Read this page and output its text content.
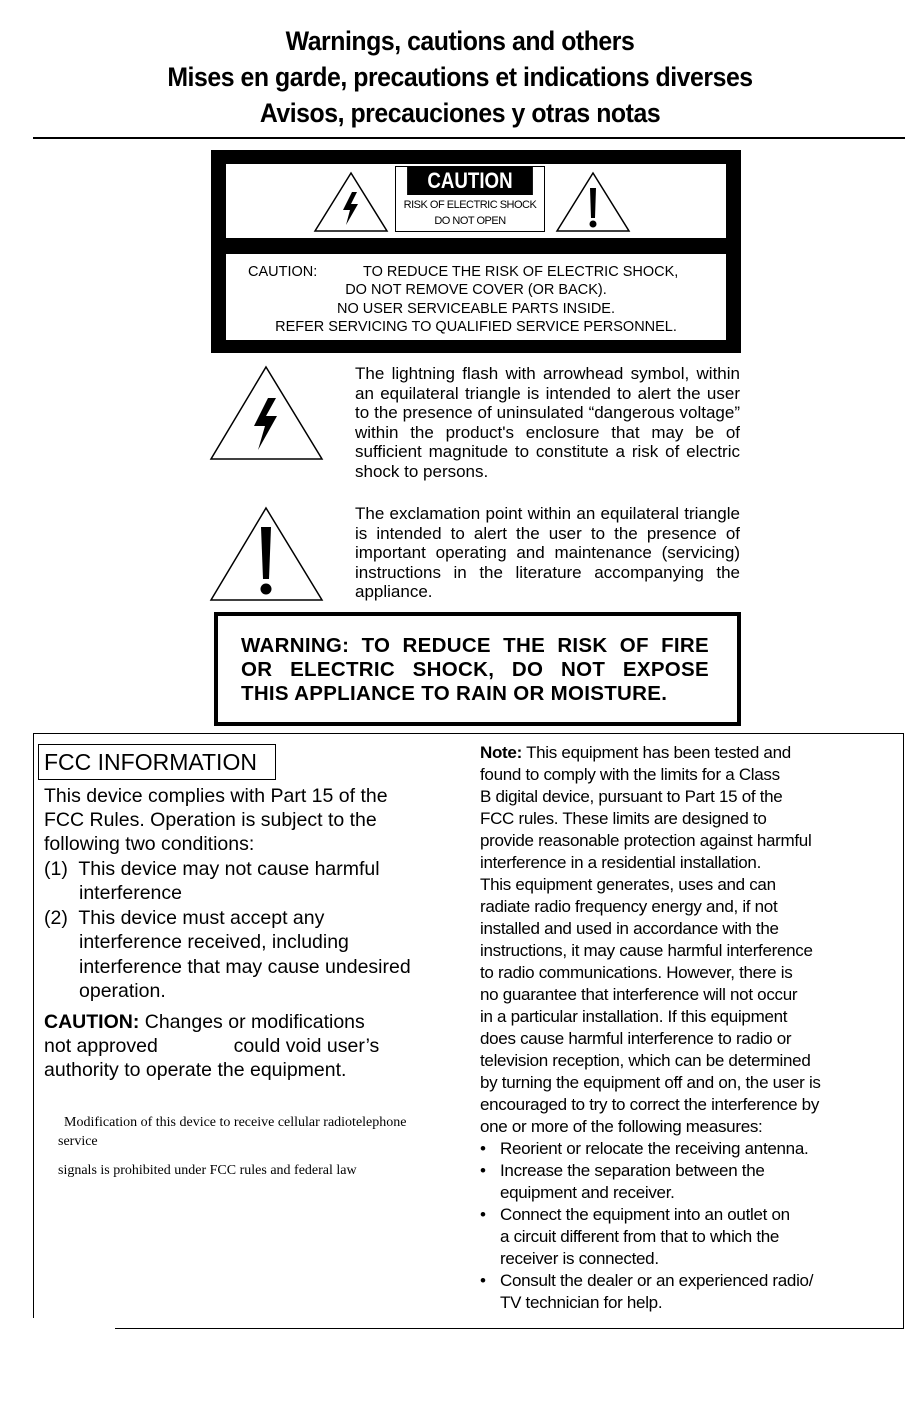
Warnings, cautions and others
Mises en garde, precautions et indications diverses
Avisos, precauciones y otras notas
CAUTION
RISK OF ELECTRIC SHOCK
DO NOT OPEN
CAUTION:	TO REDUCE THE RISK OF ELECTRIC SHOCK,
DO NOT REMOVE COVER (OR BACK).
NO USER SERVICEABLE PARTS INSIDE.
REFER SERVICING TO QUALIFIED SERVICE PERSONNEL.
The lightning flash with arrowhead symbol, within an equilateral triangle is intended to alert the user to the presence of uninsulated “dangerous voltage” within the product's enclosure that may be of sufficient magnitude to constitute a risk of electric shock to persons.
The exclamation point within an equilateral triangle is intended to alert the user to the presence of important operating and maintenance (servicing) instructions in the literature accompanying the appliance.
WARNING: TO REDUCE THE RISK OF FIRE
OR ELECTRIC SHOCK, DO NOT EXPOSE
THIS APPLIANCE TO RAIN OR MOISTURE.
FCC INFORMATION
This device complies with Part 15 of the
FCC Rules. Operation is subject to the
following two conditions:
(1)  This device may not cause harmful
interference
(2)  This device must accept any
interference received, including
interference that may cause undesired
operation.
CAUTION: Changes or modifications
not approved              could void user’s
authority to operate the equipment.
Modification of this device to receive cellular radiotelephone
service
signals is prohibited under FCC rules and federal law
Note: This equipment has been tested and
found to comply with the limits for a Class
B digital device, pursuant to Part 15 of the
FCC rules. These limits are designed to
provide reasonable protection against harmful
interference in a residential installation.
This equipment generates, uses and can
radiate radio frequency energy and, if not
installed and used in accordance with the
instructions, it may cause harmful interference
to radio communications. However, there is
no guarantee that interference will not occur
in a particular installation. If this equipment
does cause harmful interference to radio or
television reception, which can be determined
by turning the equipment off and on, the user is
encouraged to try to correct the interference by
one or more of the following measures:
• Reorient or relocate the receiving antenna.
• Increase the separation between the
equipment and receiver.
• Connect the equipment into an outlet on
a circuit different from that to which the
receiver is connected.
• Consult the dealer or an experienced radio/
TV technician for help.
